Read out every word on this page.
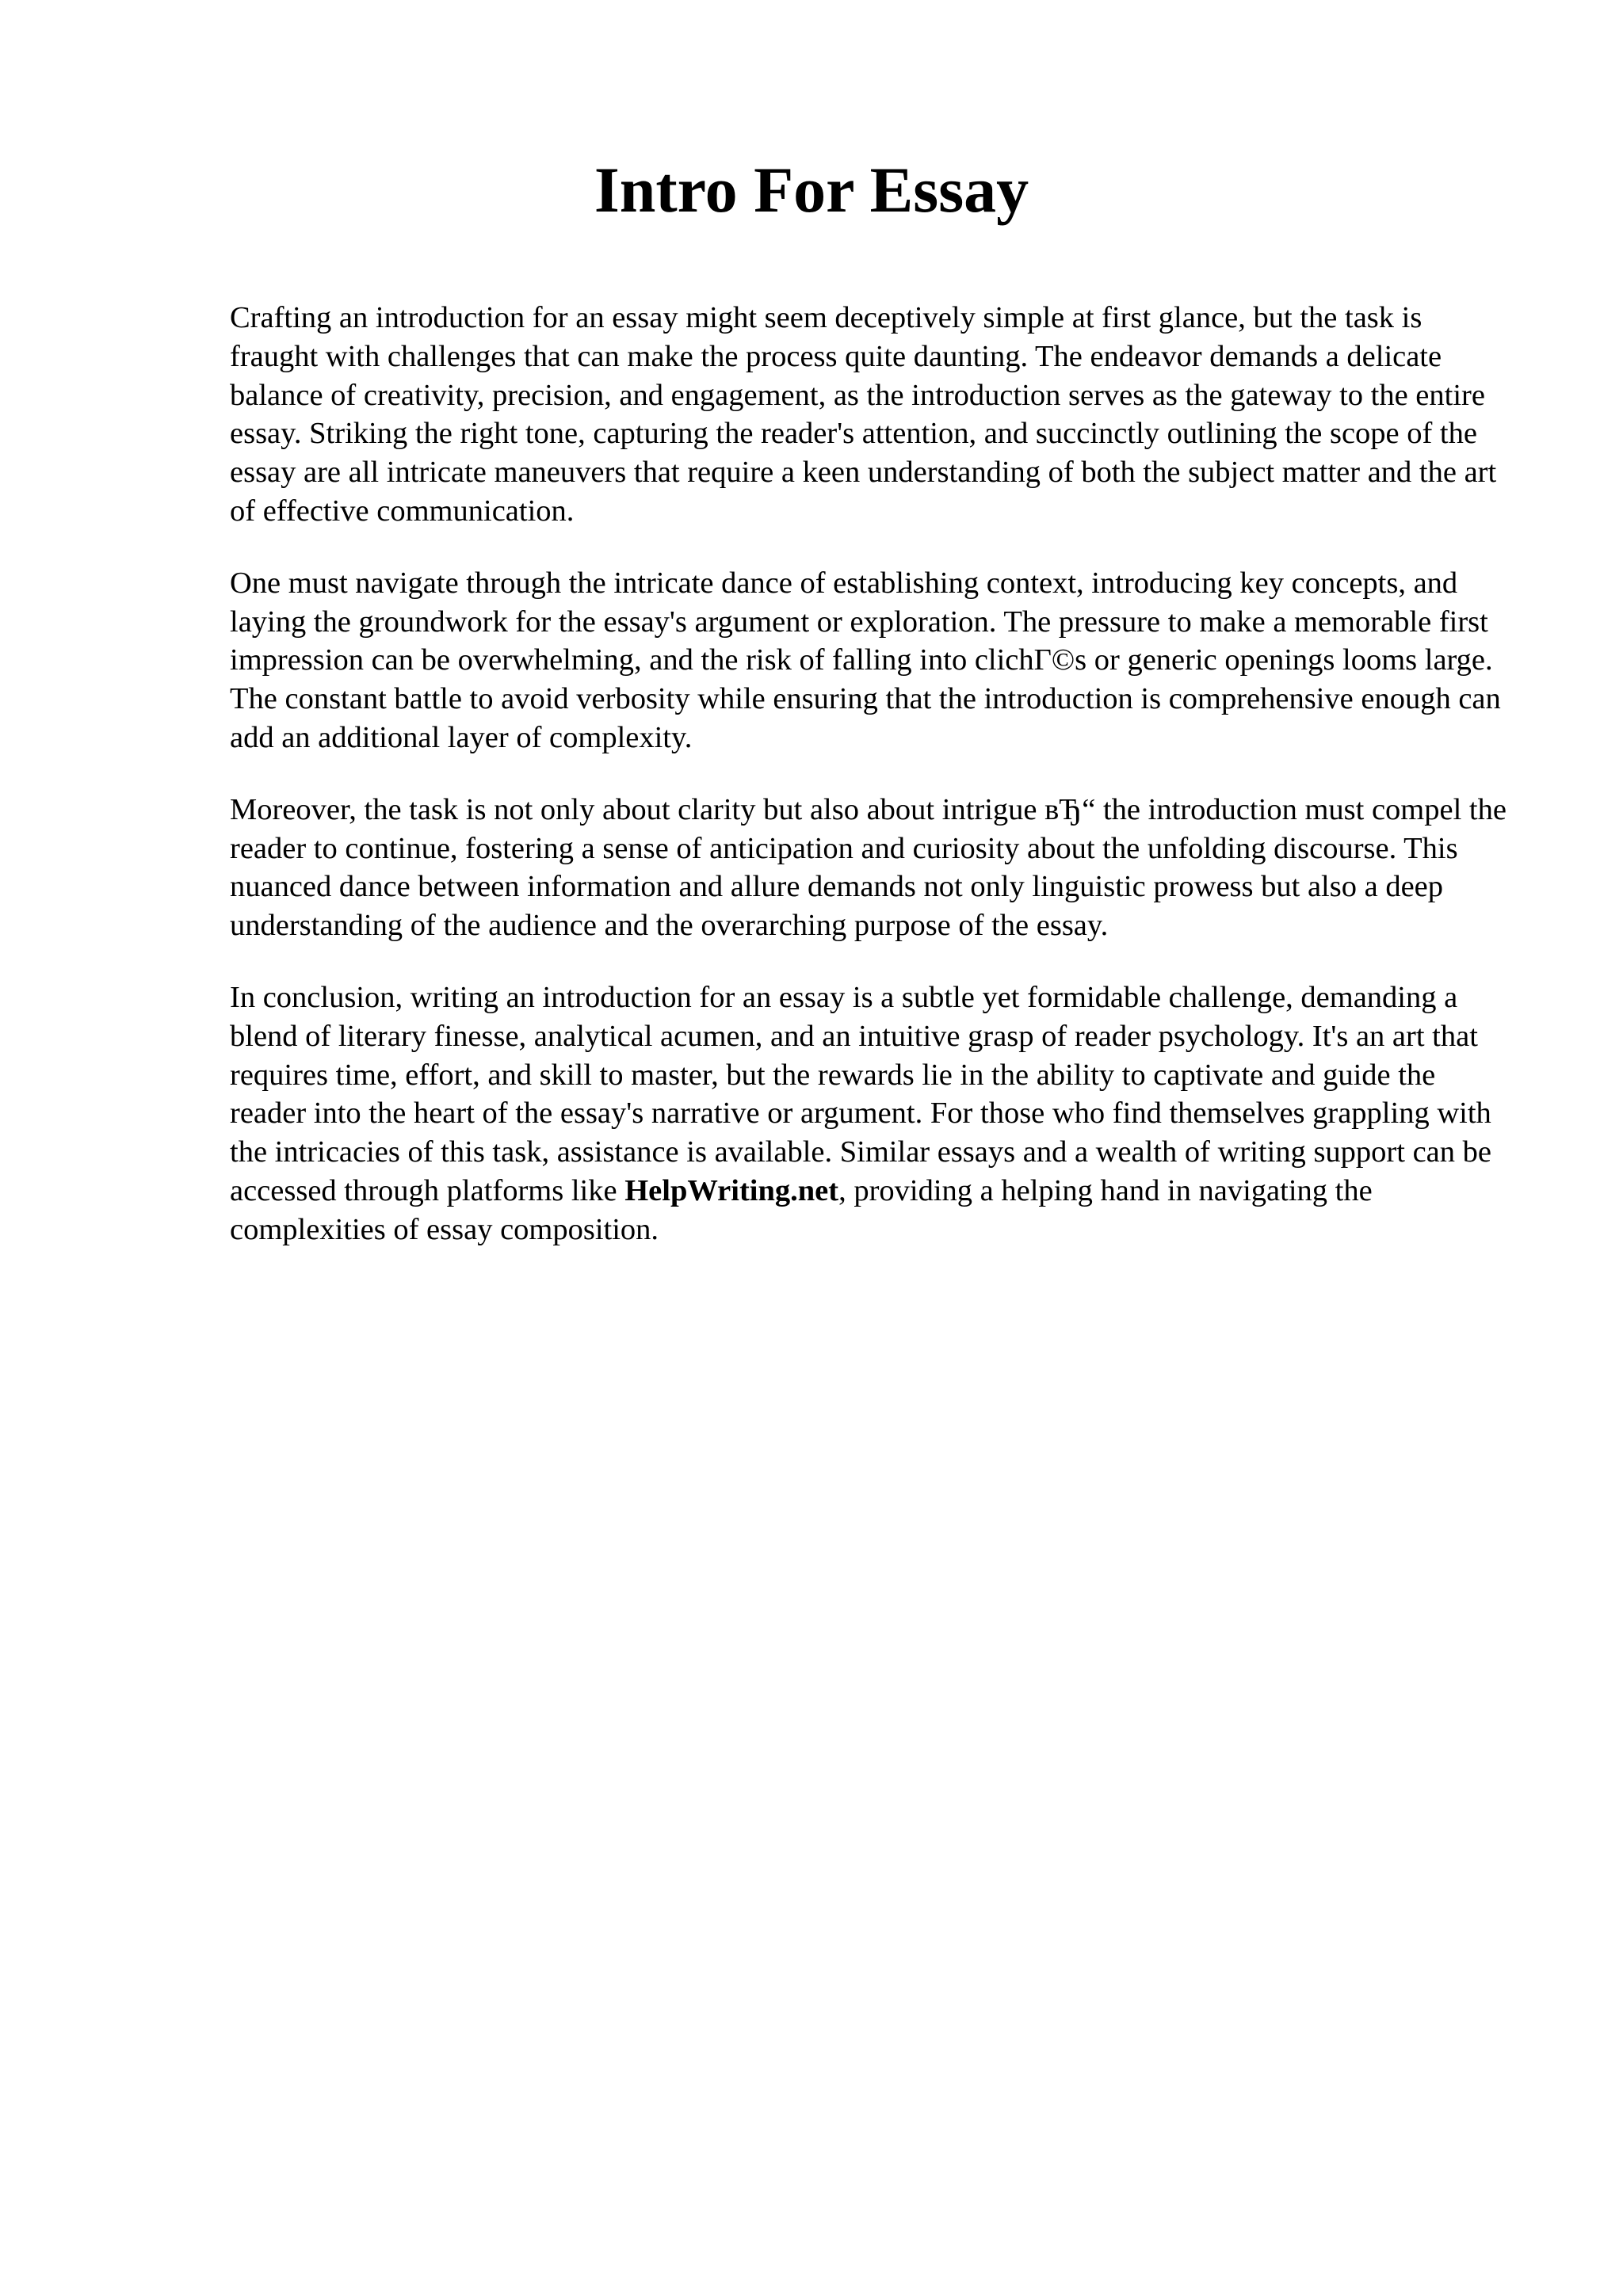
Intro For Essay

Crafting an introduction for an essay might seem deceptively simple at first glance, but the task is fraught with challenges that can make the process quite daunting. The endeavor demands a delicate balance of creativity, precision, and engagement, as the introduction serves as the gateway to the entire essay. Striking the right tone, capturing the reader's attention, and succinctly outlining the scope of the essay are all intricate maneuvers that require a keen understanding of both the subject matter and the art of effective communication.

One must navigate through the intricate dance of establishing context, introducing key concepts, and laying the groundwork for the essay's argument or exploration. The pressure to make a memorable first impression can be overwhelming, and the risk of falling into clichГ©s or generic openings looms large. The constant battle to avoid verbosity while ensuring that the introduction is comprehensive enough can add an additional layer of complexity.

Moreover, the task is not only about clarity but also about intrigue вЂ“ the introduction must compel the reader to continue, fostering a sense of anticipation and curiosity about the unfolding discourse. This nuanced dance between information and allure demands not only linguistic prowess but also a deep understanding of the audience and the overarching purpose of the essay.

In conclusion, writing an introduction for an essay is a subtle yet formidable challenge, demanding a blend of literary finesse, analytical acumen, and an intuitive grasp of reader psychology. It's an art that requires time, effort, and skill to master, but the rewards lie in the ability to captivate and guide the reader into the heart of the essay's narrative or argument. For those who find themselves grappling with the intricacies of this task, assistance is available. Similar essays and a wealth of writing support can be accessed through platforms like HelpWriting.net, providing a helping hand in navigating the complexities of essay composition.
